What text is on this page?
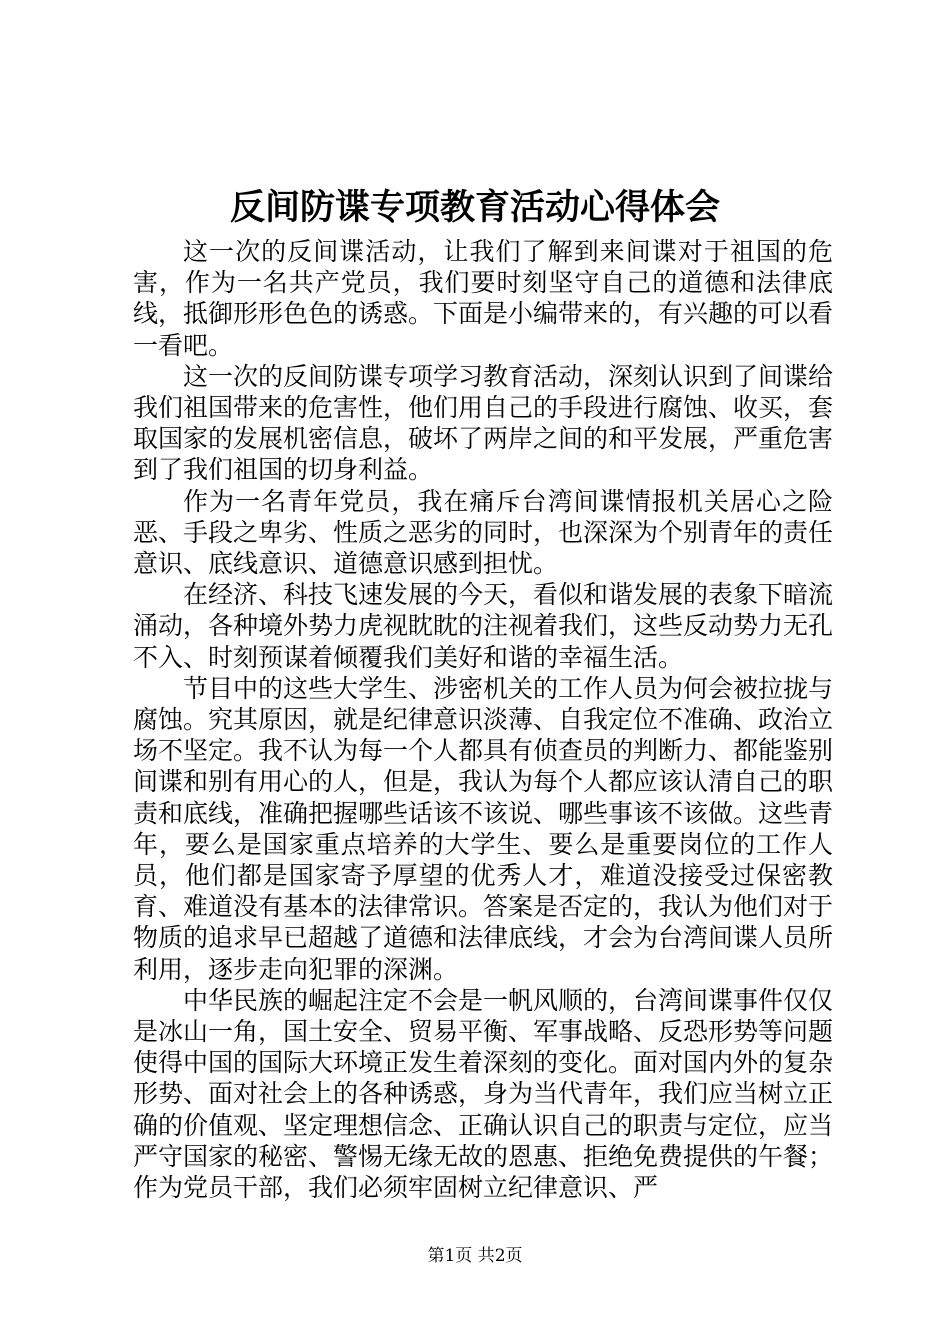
反间防谍专项教育活动心得体会

这一次的反间谍活动，让我们了解到来间谍对于祖国的危害，作为一名共产党员，我们要时刻坚守自己的道德和法律底线，抵御形形色色的诱惑。下面是小编带来的，有兴趣的可以看一看吧。

这一次的反间防谍专项学习教育活动，深刻认识到了间谍给我们祖国带来的危害性，他们用自己的手段进行腐蚀、收买，套取国家的发展机密信息，破坏了两岸之间的和平发展，严重危害到了我们祖国的切身利益。

作为一名青年党员，我在痛斥台湾间谍情报机关居心之险恶、手段之卑劣、性质之恶劣的同时，也深深为个别青年的责任意识、底线意识、道德意识感到担忧。

在经济、科技飞速发展的今天，看似和谐发展的表象下暗流涌动，各种境外势力虎视眈眈的注视着我们，这些反动势力无孔不入、时刻预谋着倾覆我们美好和谐的幸福生活。

节目中的这些大学生、涉密机关的工作人员为何会被拉拢与腐蚀。究其原因，就是纪律意识淡薄、自我定位不准确、政治立场不坚定。我不认为每一个人都具有侦查员的判断力、都能鉴别间谍和别有用心的人，但是，我认为每个人都应该认清自己的职责和底线，准确把握哪些话该不该说、哪些事该不该做。这些青年，要么是国家重点培养的大学生、要么是重要岗位的工作人员，他们都是国家寄予厚望的优秀人才，难道没接受过保密教育、难道没有基本的法律常识。答案是否定的，我认为他们对于物质的追求早已超越了道德和法律底线，才会为台湾间谍人员所利用，逐步走向犯罪的深渊。

中华民族的崛起注定不会是一帆风顺的，台湾间谍事件仅仅是冰山一角，国土安全、贸易平衡、军事战略、反恐形势等问题使得中国的国际大环境正发生着深刻的变化。面对国内外的复杂形势、面对社会上的各种诱惑，身为当代青年，我们应当树立正确的价值观、坚定理想信念、正确认识自己的职责与定位，应当严守国家的秘密、警惕无缘无故的恩惠、拒绝免费提供的午餐；作为党员干部，我们必须牢固树立纪律意识、严

第1页 共2页
